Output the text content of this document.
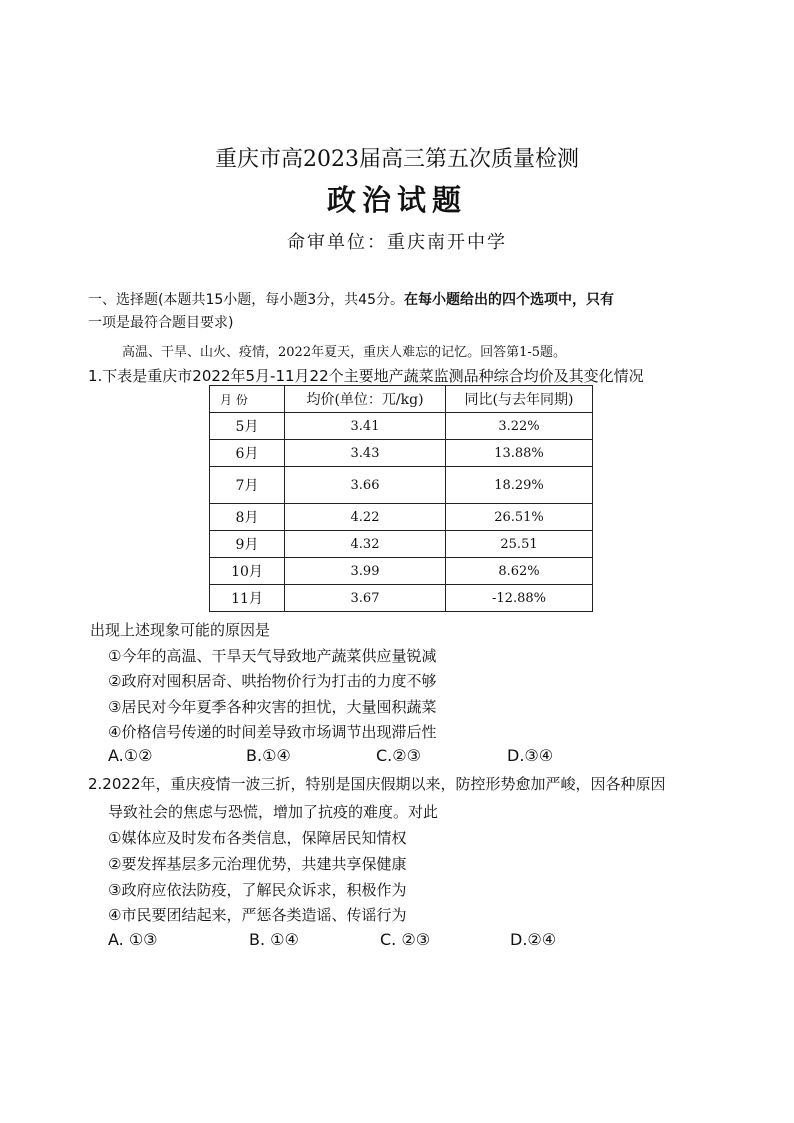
重庆市高2023届高三第五次质量检测
政治试题
命审单位：重庆南开中学
一、选择题(本题共15小题，每小题3分，共45分。在每小题给出的四个选项中，只有
一项是最符合题目要求)
高温、干旱、山火、疫情，2022年夏天，重庆人难忘的记忆。回答第1-5题。
1.下表是重庆市2022年5月-11月22个主要地产蔬菜监测品种综合均价及其变化情况
月 份	均价(单位：兀/kg)	同比(与去年同期)
5月	3.41	3.22%
6月	3.43	13.88%
7月	3.66	18.29%
8月	4.22	26.51%
9月	4.32	25.51
10月	3.99	8.62%
11月	3.67	-12.88%
出现上述现象可能的原因是
①今年的高温、干旱天气导致地产蔬菜供应量锐减
②政府对囤积居奇、哄抬物价行为打击的力度不够
③居民对今年夏季各种灾害的担忧，大量囤积蔬菜
④价格信号传递的时间差导致市场调节出现滞后性
A.①②	B.①④	C.②③	D.③④
2.2022年，重庆疫情一波三折，特别是国庆假期以来，防控形势愈加严峻，因各种原因
导致社会的焦虑与恐慌，增加了抗疫的难度。对此
①媒体应及时发布各类信息，保障居民知情权
②要发挥基层多元治理优势，共建共享保健康
③政府应依法防疫，了解民众诉求，积极作为
④市民要团结起来，严惩各类造谣、传谣行为
A. ①③	B. ①④	C. ②③	D.②④
